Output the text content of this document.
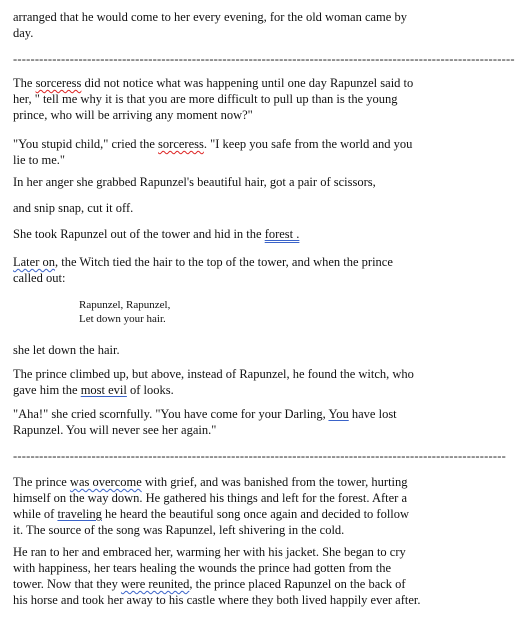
arranged that he would come to her every evening, for the old woman came by day.

-------------------------------------------------------------------------------------------------------------------

The sorceress did not notice what was happening until one day Rapunzel said to her, " tell me why it is that you are more difficult to pull up than is the young prince, who will be arriving any moment now?"

"You stupid child," cried the sorceress. "I keep you safe from the world and you lie to me."

In her anger she grabbed Rapunzel's beautiful hair, got a pair of scissors,

and snip snap, cut it off.

She took Rapunzel out of the tower and hid in the forest .

Later on, the Witch tied the hair to the top of the tower, and when the prince called out:

Rapunzel, Rapunzel,
Let down your hair.

she let down the hair.

The prince climbed up, but above, instead of Rapunzel, he found the witch, who gave him the most evil of looks.

"Aha!" she cried scornfully. "You have come for your Darling, You have lost Rapunzel. You will never see her again."

-----------------------------------------------------------------------------------------------------------------

The prince was overcome with grief, and was banished from the tower, hurting himself on the way down. He gathered his things and left for the forest. After a while of traveling he heard the beautiful song once again and decided to follow it. The source of the song was Rapunzel, left shivering in the cold.

He ran to her and embraced her, warming her with his jacket. She began to cry with happiness, her tears healing the wounds the prince had gotten from the tower. Now that they were reunited, the prince placed Rapunzel on the back of his horse and took her away to his castle where they both lived happily ever after.
